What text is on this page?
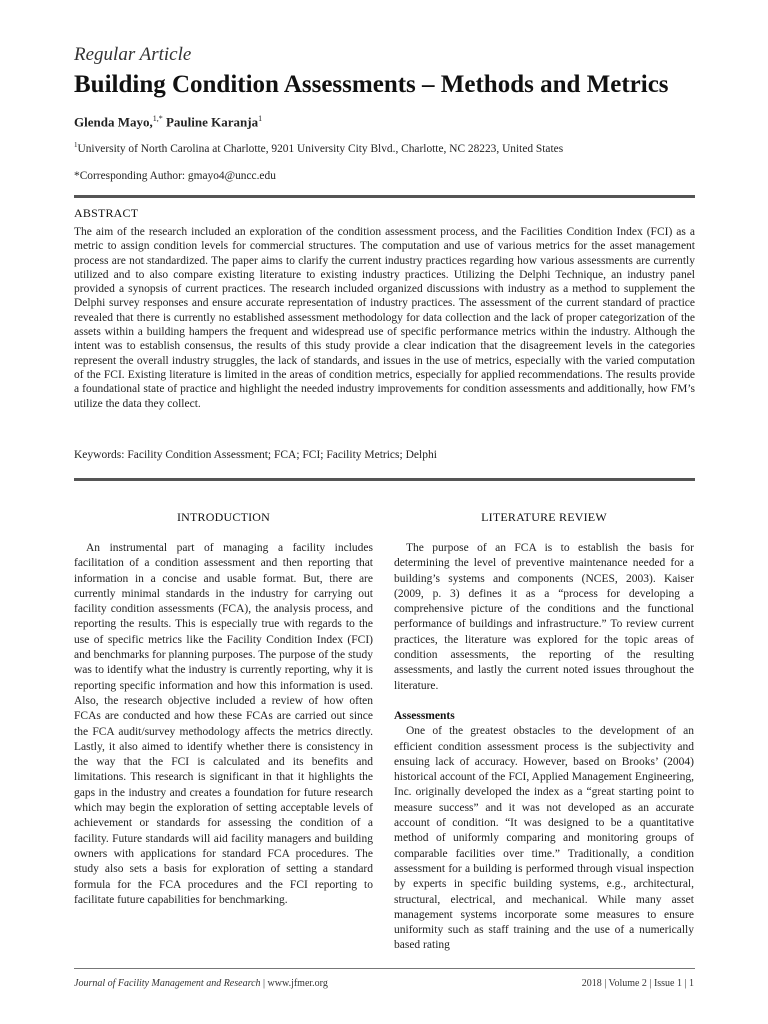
Regular Article
Building Condition Assessments – Methods and Metrics
Glenda Mayo,$^{1,*}$ Pauline Karanja$^1$
$^1$University of North Carolina at Charlotte, 9201 University City Blvd., Charlotte, NC 28223, United States
*Corresponding Author: gmayo4@uncc.edu
ABSTRACT
The aim of the research included an exploration of the condition assessment process, and the Facilities Condition Index (FCI) as a metric to assign condition levels for commercial structures. The computation and use of various metrics for the asset management process are not standardized. The paper aims to clarify the current industry practices regarding how various assessments are currently utilized and to also compare existing literature to existing industry practices. Utilizing the Delphi Technique, an industry panel provided a synopsis of current practices. The research included organized discussions with industry as a method to supplement the Delphi survey responses and ensure accurate representation of industry practices. The assessment of the current standard of practice revealed that there is currently no established assessment methodology for data collection and the lack of proper categorization of the assets within a building hampers the frequent and widespread use of specific performance metrics within the industry. Although the intent was to establish consensus, the results of this study provide a clear indication that the disagreement levels in the categories represent the overall industry struggles, the lack of standards, and issues in the use of metrics, especially with the varied computation of the FCI. Existing literature is limited in the areas of condition metrics, especially for applied recommendations. The results provide a foundational state of practice and highlight the needed industry improvements for condition assessments and additionally, how FM’s utilize the data they collect.
Keywords: Facility Condition Assessment; FCA; FCI; Facility Metrics; Delphi
INTRODUCTION

An instrumental part of managing a facility includes facilitation of a condition assessment and then reporting that information in a concise and usable format. But, there are currently minimal standards in the industry for carrying out facility condition assessments (FCA), the analysis process, and reporting the results. This is especially true with regards to the use of specific metrics like the Facility Condition Index (FCI) and benchmarks for planning purposes. The purpose of the study was to identify what the industry is currently reporting, why it is reporting specific information and how this information is used. Also, the research objective included a review of how often FCAs are conducted and how these FCAs are carried out since the FCA audit/survey methodology affects the metrics directly. Lastly, it also aimed to identify whether there is consistency in the way that the FCI is calculated and its benefits and limitations. This research is significant in that it highlights the gaps in the industry and creates a foundation for future research which may begin the exploration of setting acceptable levels of achievement or standards for assessing the condition of a facility. Future standards will aid facility managers and building owners with applications for standard FCA procedures. The study also sets a basis for exploration of setting a standard formula for the FCA procedures and the FCI reporting to facilitate future capabilities for benchmarking.

LITERATURE REVIEW

The purpose of an FCA is to establish the basis for determining the level of preventive maintenance needed for a building’s systems and components (NCES, 2003). Kaiser (2009, p. 3) defines it as a “process for developing a comprehensive picture of the conditions and the functional performance of buildings and infrastructure.” To review current practices, the literature was explored for the topic areas of condition assessments, the reporting of the resulting assessments, and lastly the current noted issues throughout the literature.

Assessments

One of the greatest obstacles to the development of an efficient condition assessment process is the subjectivity and ensuing lack of accuracy. However, based on Brooks’ (2004) historical account of the FCI, Applied Management Engineering, Inc. originally developed the index as a “great starting point to measure success” and it was not developed as an accurate account of condition. “It was designed to be a quantitative method of uniformly comparing and monitoring groups of comparable facilities over time.” Traditionally, a condition assessment for a building is performed through visual inspection by experts in specific building systems, e.g., architectural, structural, electrical, and mechanical. While many asset management systems incorporate some measures to ensure uniformity such as staff training and the use of a numerically based rating

Journal of Facility Management and Research | www.jfmer.org	2018 | Volume 2 | Issue 1 | 1
